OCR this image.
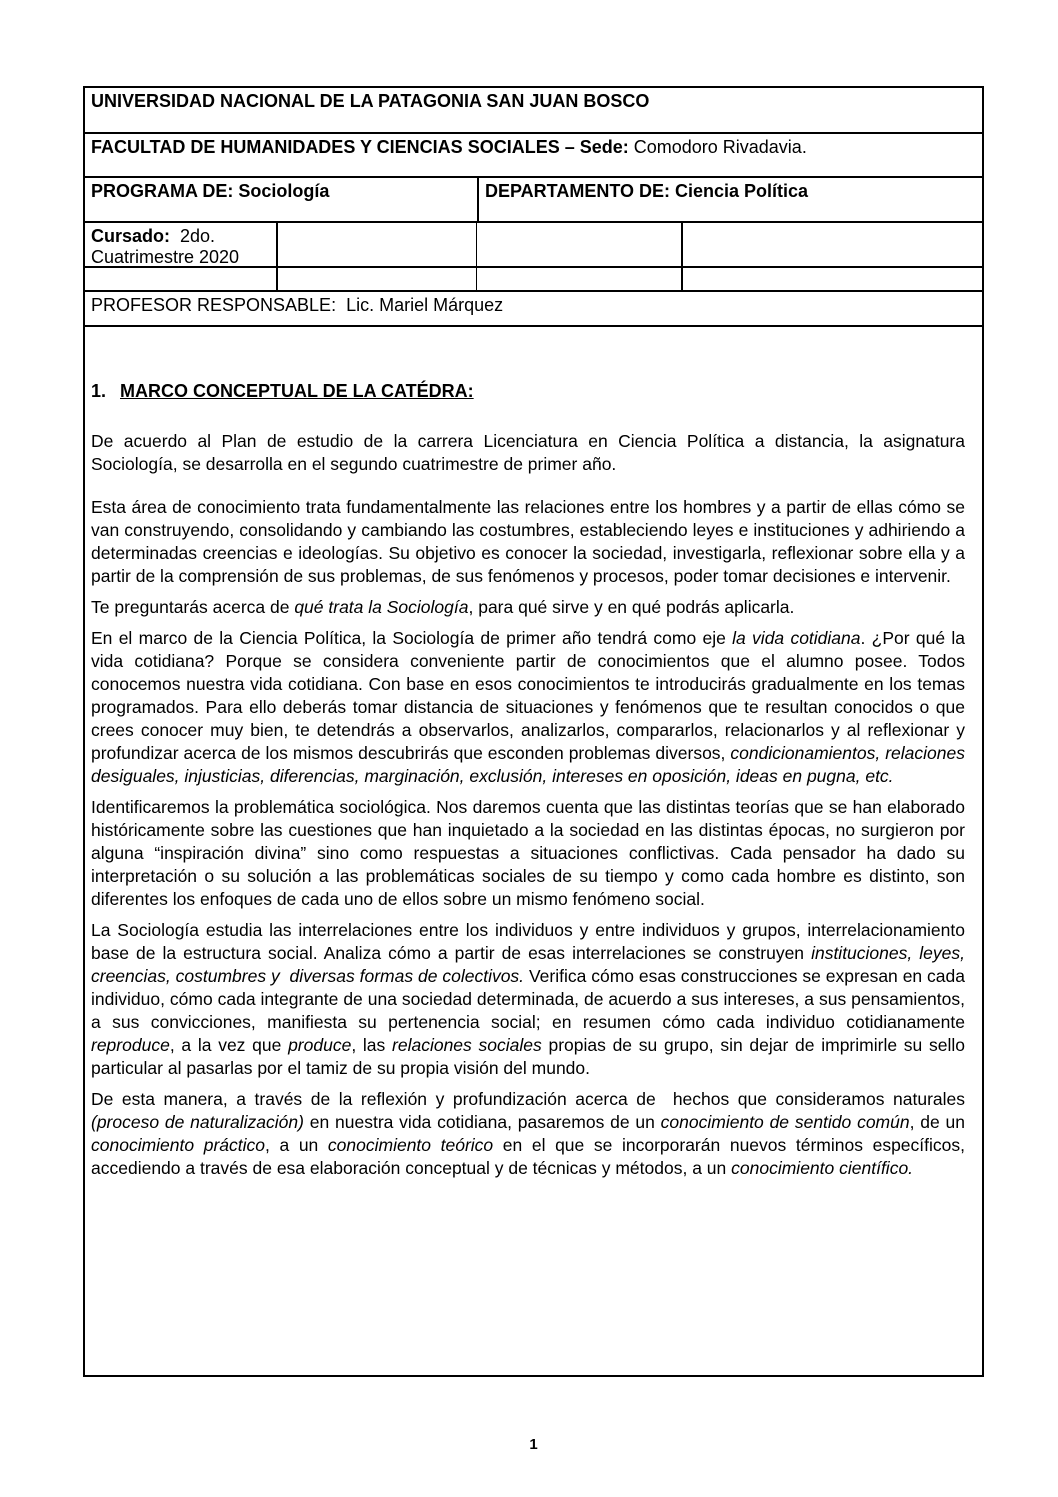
UNIVERSIDAD NACIONAL DE LA PATAGONIA SAN JUAN BOSCO
FACULTAD DE HUMANIDADES Y CIENCIAS SOCIALES – Sede: Comodoro Rivadavia.
PROGRAMA DE: Sociología	DEPARTAMENTO DE: Ciencia Política
Cursado:  2do. Cuatrimestre 2020
PROFESOR RESPONSABLE:  Lic. Mariel Márquez
1. MARCO CONCEPTUAL DE LA CATÉDRA:

De acuerdo al Plan de estudio de la carrera Licenciatura en Ciencia Política a distancia, la asignatura Sociología, se desarrolla en el segundo cuatrimestre de primer año.

Esta área de conocimiento trata fundamentalmente las relaciones entre los hombres y a partir de ellas cómo se van construyendo, consolidando y cambiando las costumbres, estableciendo leyes e instituciones y adhiriendo a determinadas creencias e ideologías. Su objetivo es conocer la sociedad, investigarla, reflexionar sobre ella y a partir de la comprensión de sus problemas, de sus fenómenos y procesos, poder tomar decisiones e intervenir.

Te preguntarás acerca de qué trata la Sociología, para qué sirve y en qué podrás aplicarla.

En el marco de la Ciencia Política, la Sociología de primer año tendrá como eje la vida cotidiana. ¿Por qué la vida cotidiana? Porque se considera conveniente partir de conocimientos que el alumno posee. Todos conocemos nuestra vida cotidiana. Con base en esos conocimientos te introducirás gradualmente en los temas programados. Para ello deberás tomar distancia de situaciones y fenómenos que te resultan conocidos o que crees conocer muy bien, te detendrás a observarlos, analizarlos, compararlos, relacionarlos y al reflexionar y profundizar acerca de los mismos descubrirás que esconden problemas diversos, condicionamientos, relaciones desiguales, injusticias, diferencias, marginación, exclusión, intereses en oposición, ideas en pugna, etc.

Identificaremos la problemática sociológica. Nos daremos cuenta que las distintas teorías que se han elaborado históricamente sobre las cuestiones que han inquietado a la sociedad en las distintas épocas, no surgieron por alguna “inspiración divina” sino como respuestas a situaciones conflictivas. Cada pensador ha dado su interpretación o su solución a las problemáticas sociales de su tiempo y como cada hombre es distinto, son diferentes los enfoques de cada uno de ellos sobre un mismo fenómeno social.

La Sociología estudia las interrelaciones entre los individuos y entre individuos y grupos, interrelacionamiento base de la estructura social. Analiza cómo a partir de esas interrelaciones se construyen instituciones, leyes, creencias, costumbres y  diversas formas de colectivos. Verifica cómo esas construcciones se expresan en cada individuo, cómo cada integrante de una sociedad determinada, de acuerdo a sus intereses, a sus pensamientos, a sus convicciones, manifiesta su pertenencia social; en resumen cómo cada individuo cotidianamente reproduce, a la vez que produce, las relaciones sociales propias de su grupo, sin dejar de imprimirle su sello particular al pasarlas por el tamiz de su propia visión del mundo.

De esta manera, a través de la reflexión y profundización acerca de  hechos que consideramos naturales (proceso de naturalización) en nuestra vida cotidiana, pasaremos de un conocimiento de sentido común, de un conocimiento práctico, a un conocimiento teórico en el que se incorporarán nuevos términos específicos, accediendo a través de esa elaboración conceptual y de técnicas y métodos, a un conocimiento científico.

1
